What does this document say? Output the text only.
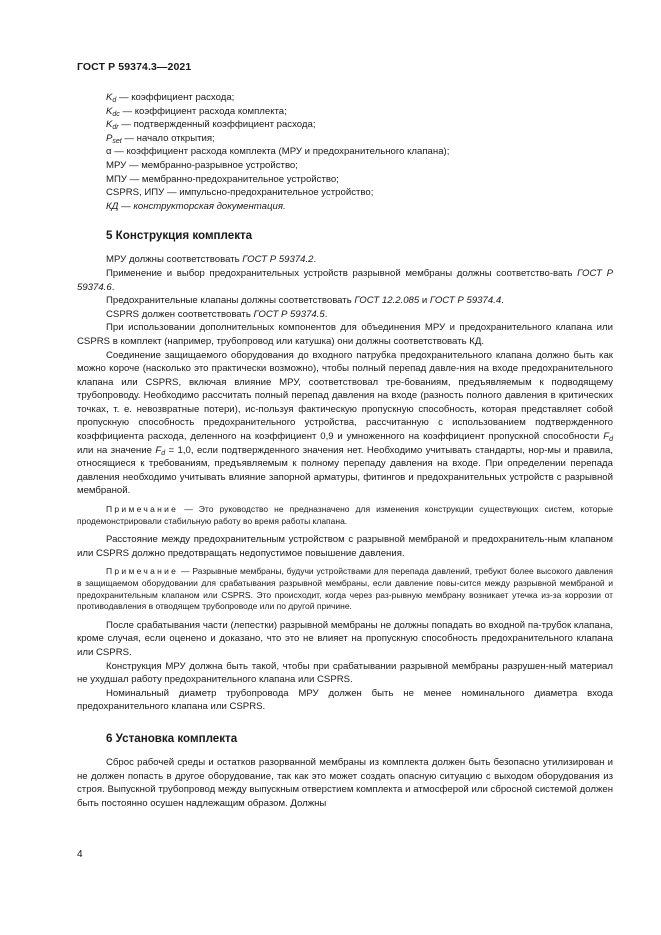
ГОСТ Р 59374.3—2021
$K_d$ — коэффициент расхода;
$K_{dc}$ — коэффициент расхода комплекта;
$K_{dr}$ — подтвержденный коэффициент расхода;
$P_{set}$ — начало открытия;
α — коэффициент расхода комплекта (МРУ и предохранительного клапана);
МРУ — мембранно-разрывное устройство;
МПУ — мембранно-предохранительное устройство;
CSPRS, ИПУ — импульсно-предохранительное устройство;
КД — конструкторская документация.
5 Конструкция комплекта

МРУ должны соответствовать ГОСТ Р 59374.2.

Применение и выбор предохранительных устройств разрывной мембраны должны соответство-вать ГОСТ Р 59374.6.

Предохранительные клапаны должны соответствовать ГОСТ 12.2.085 и ГОСТ Р 59374.4.

CSPRS должен соответствовать ГОСТ Р 59374.5.

При использовании дополнительных компонентов для объединения МРУ и предохранительного клапана или CSPRS в комплект (например, трубопровод или катушка) они должны соответствовать КД.

Соединение защищаемого оборудования до входного патрубка предохранительного клапана должно быть как можно короче (насколько это практически возможно), чтобы полный перепад давле-ния на входе предохранительного клапана или CSPRS, включая влияние МРУ, соответствовал тре-бованиям, предъявляемым к подводящему трубопроводу. Необходимо рассчитать полный перепад давления на входе (разность полного давления в критических точках, т. е. невозвратные потери), ис-пользуя фактическую пропускную способность, которая представляет собой пропускную способность предохранительного устройства, рассчитанную с использованием подтвержденного коэффициента расхода, деленного на коэффициент 0,9 и умноженного на коэффициент пропускной способности $F_d$ или на значение $F_d = 1,0$, если подтвержденного значения нет. Необходимо учитывать стандарты, нор-мы и правила, относящиеся к требованиям, предъявляемым к полному перепаду давления на входе. При определении перепада давления необходимо учитывать влияние запорной арматуры, фитингов и предохранительных устройств с разрывной мембраной.

Примечание — Это руководство не предназначено для изменения конструкции существующих систем, которые продемонстрировали стабильную работу во время работы клапана.

Расстояние между предохранительным устройством с разрывной мембраной и предохранитель-ным клапаном или CSPRS должно предотвращать недопустимое повышение давления.

Примечание — Разрывные мембраны, будучи устройствами для перепада давлений, требуют более высокого давления в защищаемом оборудовании для срабатывания разрывной мембраны, если давление повы-сится между разрывной мембраной и предохранительным клапаном или CSPRS. Это происходит, когда через раз-рывную мембрану возникает утечка из-за коррозии от противодавления в отводящем трубопроводе или по другой причине.

После срабатывания части (лепестки) разрывной мембраны не должны попадать во входной па-трубок клапана, кроме случая, если оценено и доказано, что это не влияет на пропускную способность предохранительного клапана или CSPRS.

Конструкция МРУ должна быть такой, чтобы при срабатывании разрывной мембраны разрушен-ный материал не ухудшал работу предохранительного клапана или CSPRS.

Номинальный диаметр трубопровода МРУ должен быть не менее номинального диаметра входа предохранительного клапана или CSPRS.

6 Установка комплекта

Сброс рабочей среды и остатков разорванной мембраны из комплекта должен быть безопасно утилизирован и не должен попасть в другое оборудование, так как это может создать опасную ситуацию с выходом оборудования из строя. Выпускной трубопровод между выпускным отверстием комплекта и атмосферой или сбросной системой должен быть постоянно осушен надлежащим образом. Должны

4
